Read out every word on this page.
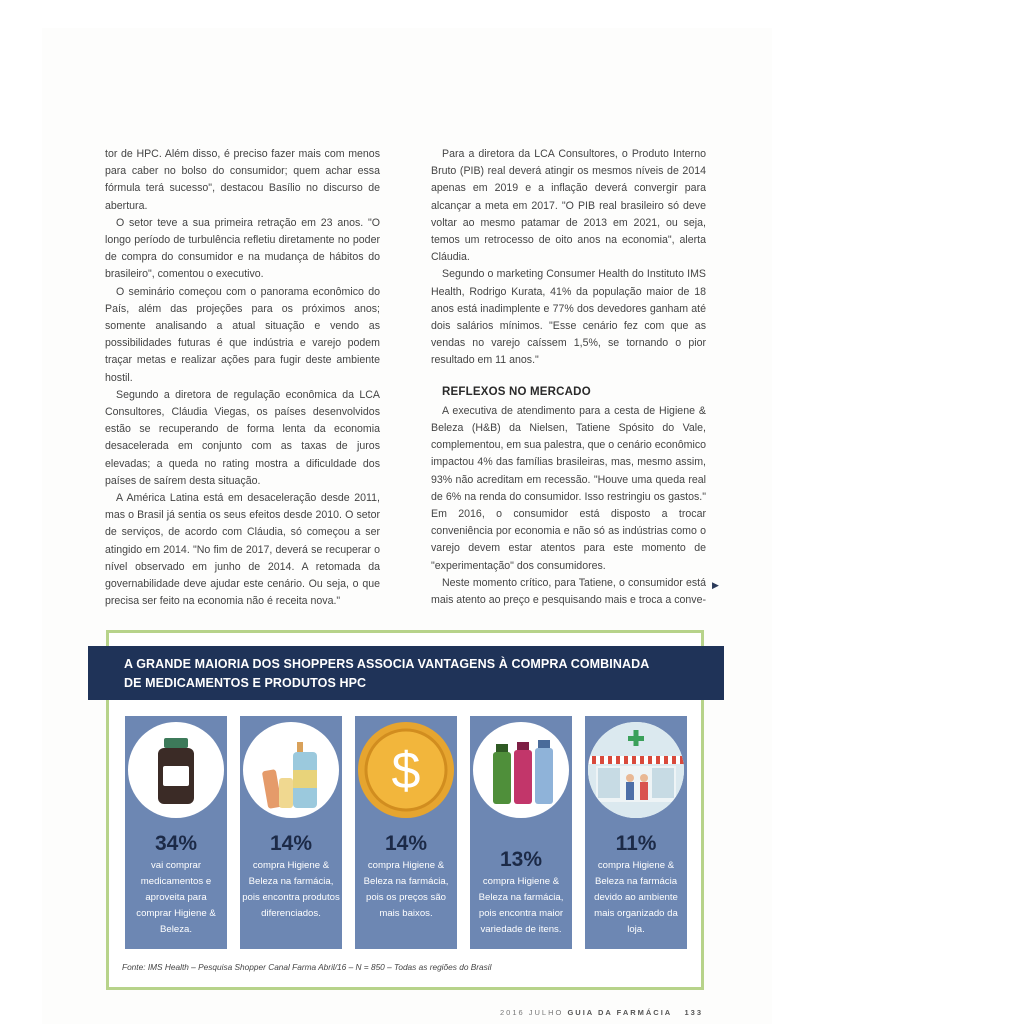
tor de HPC. Além disso, é preciso fazer mais com menos para caber no bolso do consumidor; quem achar essa fórmula terá sucesso", destacou Basílio no discurso de abertura.

O setor teve a sua primeira retração em 23 anos. "O longo período de turbulência refletiu diretamente no poder de compra do consumidor e na mudança de hábitos do brasileiro", comentou o executivo.

O seminário começou com o panorama econômico do País, além das projeções para os próximos anos; somente analisando a atual situação e vendo as possibilidades futuras é que indústria e varejo podem traçar metas e realizar ações para fugir deste ambiente hostil.

Segundo a diretora de regulação econômica da LCA Consultores, Cláudia Viegas, os países desenvolvidos estão se recuperando de forma lenta da economia desacelerada em conjunto com as taxas de juros elevadas; a queda no rating mostra a dificuldade dos países de saírem desta situação.

A América Latina está em desaceleração desde 2011, mas o Brasil já sentia os seus efeitos desde 2010. O setor de serviços, de acordo com Cláudia, só começou a ser atingido em 2014. "No fim de 2017, deverá se recuperar o nível observado em junho de 2014. A retomada da governabilidade deve ajudar este cenário. Ou seja, o que precisa ser feito na economia não é receita nova."

Para a diretora da LCA Consultores, o Produto Interno Bruto (PIB) real deverá atingir os mesmos níveis de 2014 apenas em 2019 e a inflação deverá convergir para alcançar a meta em 2017. "O PIB real brasileiro só deve voltar ao mesmo patamar de 2013 em 2021, ou seja, temos um retrocesso de oito anos na economia", alerta Cláudia.

Segundo o marketing Consumer Health do Instituto IMS Health, Rodrigo Kurata, 41% da população maior de 18 anos está inadimplente e 77% dos devedores ganham até dois salários mínimos. "Esse cenário fez com que as vendas no varejo caíssem 1,5%, se tornando o pior resultado em 11 anos."

REFLEXOS NO MERCADO

A executiva de atendimento para a cesta de Higiene & Beleza (H&B) da Nielsen, Tatiene Spósito do Vale, complementou, em sua palestra, que o cenário econômico impactou 4% das famílias brasileiras, mas, mesmo assim, 93% não acreditam em recessão. "Houve uma queda real de 6% na renda do consumidor. Isso restringiu os gastos." Em 2016, o consumidor está disposto a trocar conveniência por economia e não só as indústrias como o varejo devem estar atentos para este momento de "experimentação" dos consumidores.

Neste momento crítico, para Tatiene, o consumidor está mais atento ao preço e pesquisando mais e troca a conve-

▶
A GRANDE MAIORIA DOS SHOPPERS ASSOCIA VANTAGENS À COMPRA COMBINADA
DE MEDICAMENTOS E PRODUTOS HPC
34%
vai comprar medicamentos e aproveita para comprar Higiene & Beleza.
14%
compra Higiene & Beleza na farmácia, pois encontra produtos diferenciados.
$
14%
compra Higiene & Beleza na farmácia, pois os preços são mais baixos.
13%
compra Higiene & Beleza na farmácia, pois encontra maior variedade de itens.
11%
compra Higiene & Beleza na farmácia devido ao ambiente mais organizado da loja.
Fonte: IMS Health – Pesquisa Shopper Canal Farma Abril/16 – N = 850 – Todas as regiões do Brasil
2016 JULHO GUIA DA FARMÁCIA 133
